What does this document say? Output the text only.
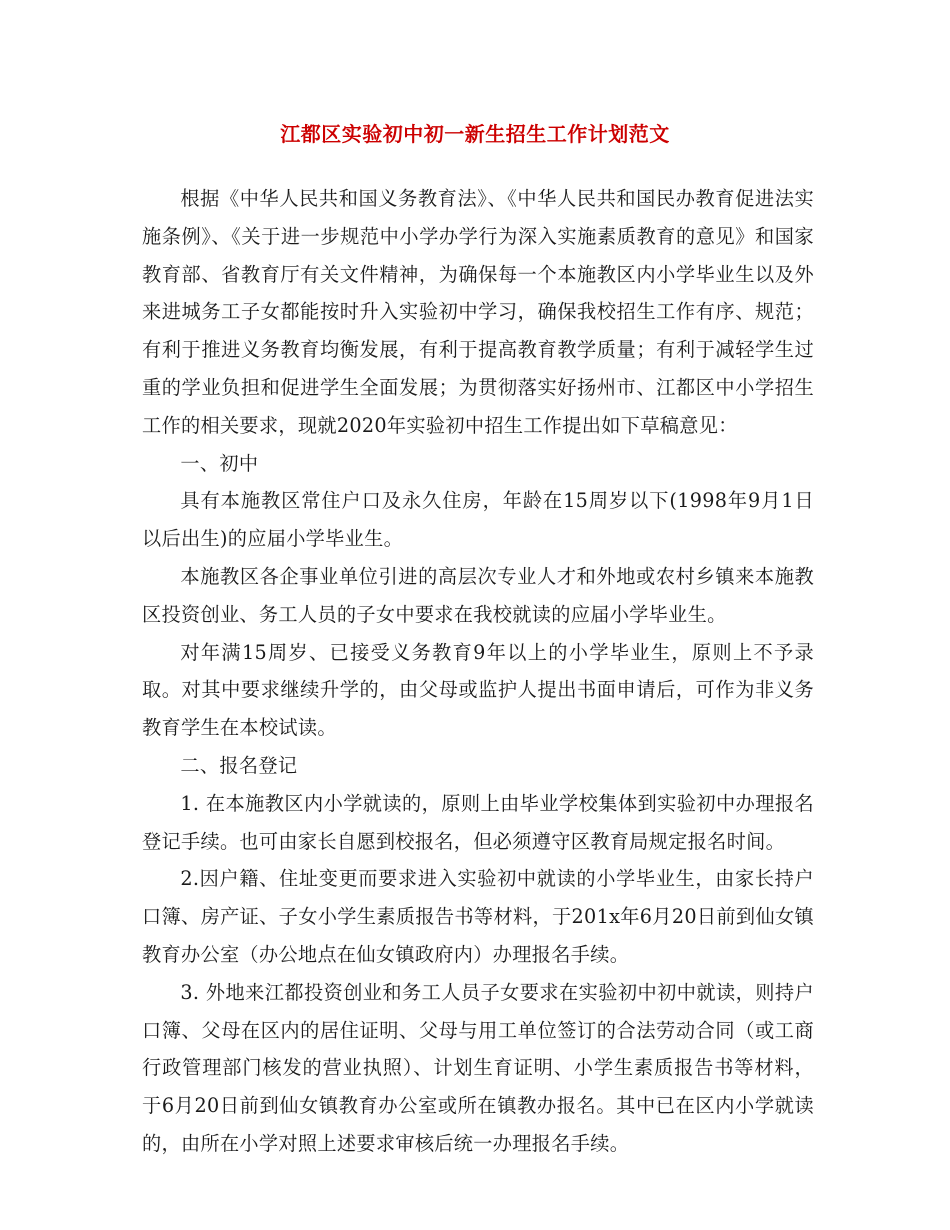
江都区实验初中初一新生招生工作计划范文

根据《中华人民共和国义务教育法》、《中华人民共和国民办教育促进法实施条例》、《关于进一步规范中小学办学行为深入实施素质教育的意见》和国家教育部、省教育厅有关文件精神，为确保每一个本施教区内小学毕业生以及外来进城务工子女都能按时升入实验初中学习，确保我校招生工作有序、规范；有利于推进义务教育均衡发展，有利于提高教育教学质量；有利于减轻学生过重的学业负担和促进学生全面发展；为贯彻落实好扬州市、江都区中小学招生工作的相关要求，现就2020年实验初中招生工作提出如下草稿意见：

一、初中

具有本施教区常住户口及永久住房，年龄在15周岁以下(1998年9月1日以后出生)的应届小学毕业生。

本施教区各企事业单位引进的高层次专业人才和外地或农村乡镇来本施教区投资创业、务工人员的子女中要求在我校就读的应届小学毕业生。

对年满15周岁、已接受义务教育9年以上的小学毕业生，原则上不予录取。对其中要求继续升学的，由父母或监护人提出书面申请后，可作为非义务教育学生在本校试读。

二、报名登记

1. 在本施教区内小学就读的，原则上由毕业学校集体到实验初中办理报名登记手续。也可由家长自愿到校报名，但必须遵守区教育局规定报名时间。

2.因户籍、住址变更而要求进入实验初中就读的小学毕业生，由家长持户口簿、房产证、子女小学生素质报告书等材料，于201x年6月20日前到仙女镇教育办公室（办公地点在仙女镇政府内）办理报名手续。

3. 外地来江都投资创业和务工人员子女要求在实验初中初中就读，则持户口簿、父母在区内的居住证明、父母与用工单位签订的合法劳动合同（或工商行政管理部门核发的营业执照）、计划生育证明、小学生素质报告书等材料，于6月20日前到仙女镇教育办公室或所在镇教办报名。其中已在区内小学就读的，由所在小学对照上述要求审核后统一办理报名手续。
